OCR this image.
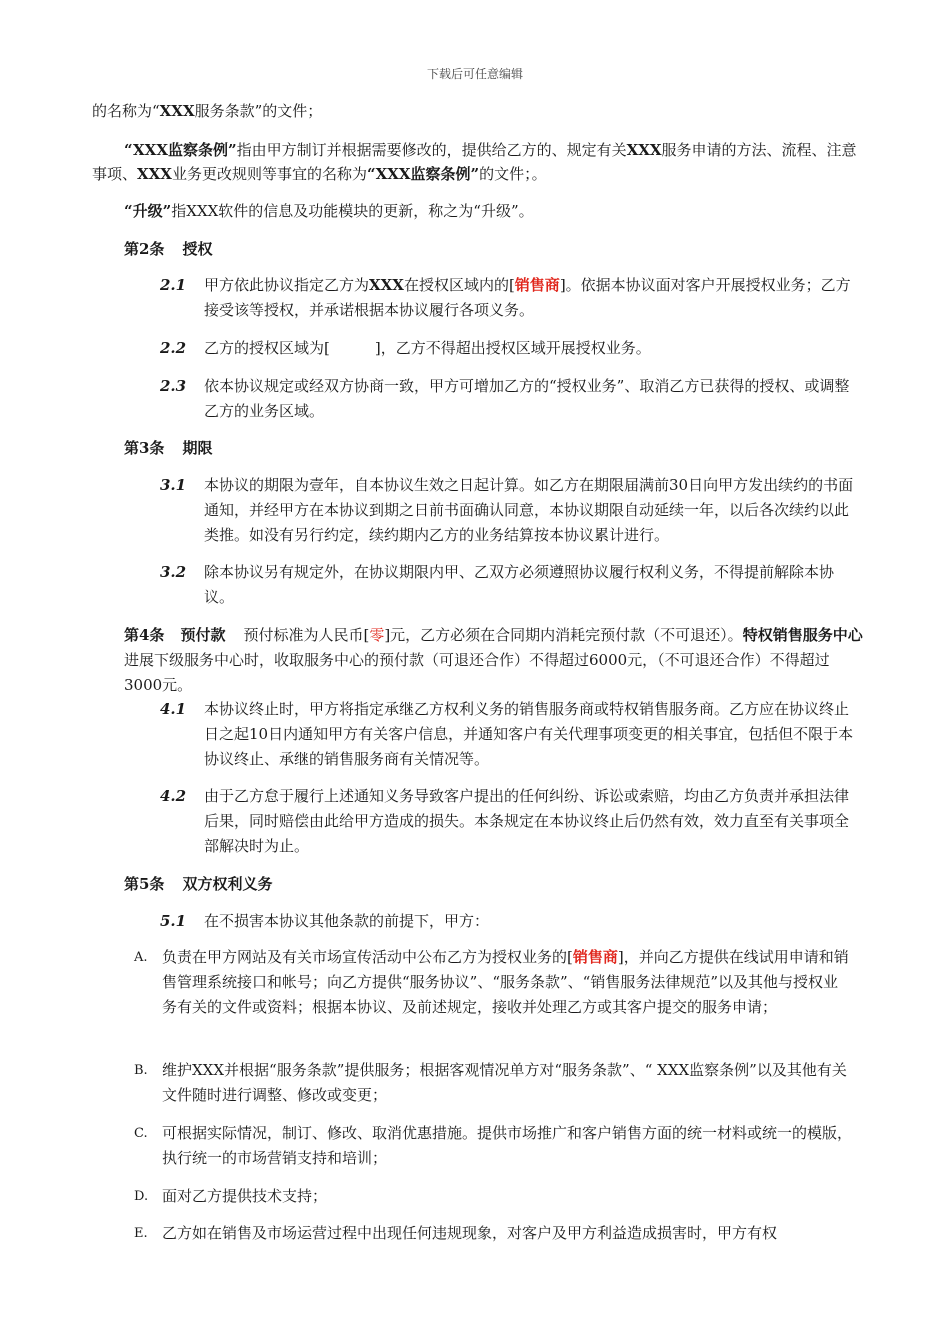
下载后可任意编辑
的名称为“XXX服务条款”的文件；
“XXX监察条例”指由甲方制订并根据需要修改的，提供给乙方的、规定有关XXX服务申请的方法、流程、注意事项、XXX业务更改规则等事宜的名称为“XXX监察条例”的文件；。
“升级”指XXX软件的信息及功能模块的更新，称之为“升级”。
第2条 授权
2.1 甲方依此协议指定乙方为XXX在授权区域内的[销售商]。依据本协议面对客户开展授权业务；乙方接受该等授权，并承诺根据本协议履行各项义务。
2.2 乙方的授权区域为[　　　]，乙方不得超出授权区域开展授权业务。
2.3 依本协议规定或经双方协商一致，甲方可增加乙方的“授权业务”、取消乙方已获得的授权、或调整乙方的业务区域。
第3条 期限
3.1 本协议的期限为壹年，自本协议生效之日起计算。如乙方在期限届满前30日向甲方发出续约的书面通知，并经甲方在本协议到期之日前书面确认同意，本协议期限自动延续一年，以后各次续约以此类推。如没有另行约定，续约期内乙方的业务结算按本协议累计进行。
3.2 除本协议另有规定外，在协议期限内甲、乙双方必须遵照协议履行权利义务，不得提前解除本协议。
第4条 预付款 预付标准为人民币[零]元，乙方必须在合同期内消耗完预付款（不可退还）。特权销售服务中心进展下级服务中心时，收取服务中心的预付款（可退还合作）不得超过6000元，（不可退还合作）不得超过3000元。
4.1 本协议终止时，甲方将指定承继乙方权利义务的销售服务商或特权销售服务商。乙方应在协议终止日之起10日内通知甲方有关客户信息，并通知客户有关代理事项变更的相关事宜，包括但不限于本协议终止、承继的销售服务商有关情况等。
4.2 由于乙方怠于履行上述通知义务导致客户提出的任何纠纷、诉讼或索赔，均由乙方负责并承担法律后果，同时赔偿由此给甲方造成的损失。本条规定在本协议终止后仍然有效，效力直至有关事项全部解决时为止。
第5条 双方权利义务
5.1 在不损害本协议其他条款的前提下，甲方：
A. 负责在甲方网站及有关市场宣传活动中公布乙方为授权业务的[销售商]，并向乙方提供在线试用申请和销售管理系统接口和帐号；向乙方提供“服务协议”、“服务条款”、“销售服务法律规范”以及其他与授权业务有关的文件或资料；根据本协议、及前述规定，接收并处理乙方或其客户提交的服务申请；
B. 维护XXX并根据“服务条款”提供服务；根据客观情况单方对“服务条款”、“ XXX监察条例”以及其他有关文件随时进行调整、修改或变更；
C. 可根据实际情况，制订、修改、取消优惠措施。提供市场推广和客户销售方面的统一材料或统一的模版，执行统一的市场营销支持和培训；
D. 面对乙方提供技术支持；
E. 乙方如在销售及市场运营过程中出现任何违规现象，对客户及甲方利益造成损害时，甲方有权
